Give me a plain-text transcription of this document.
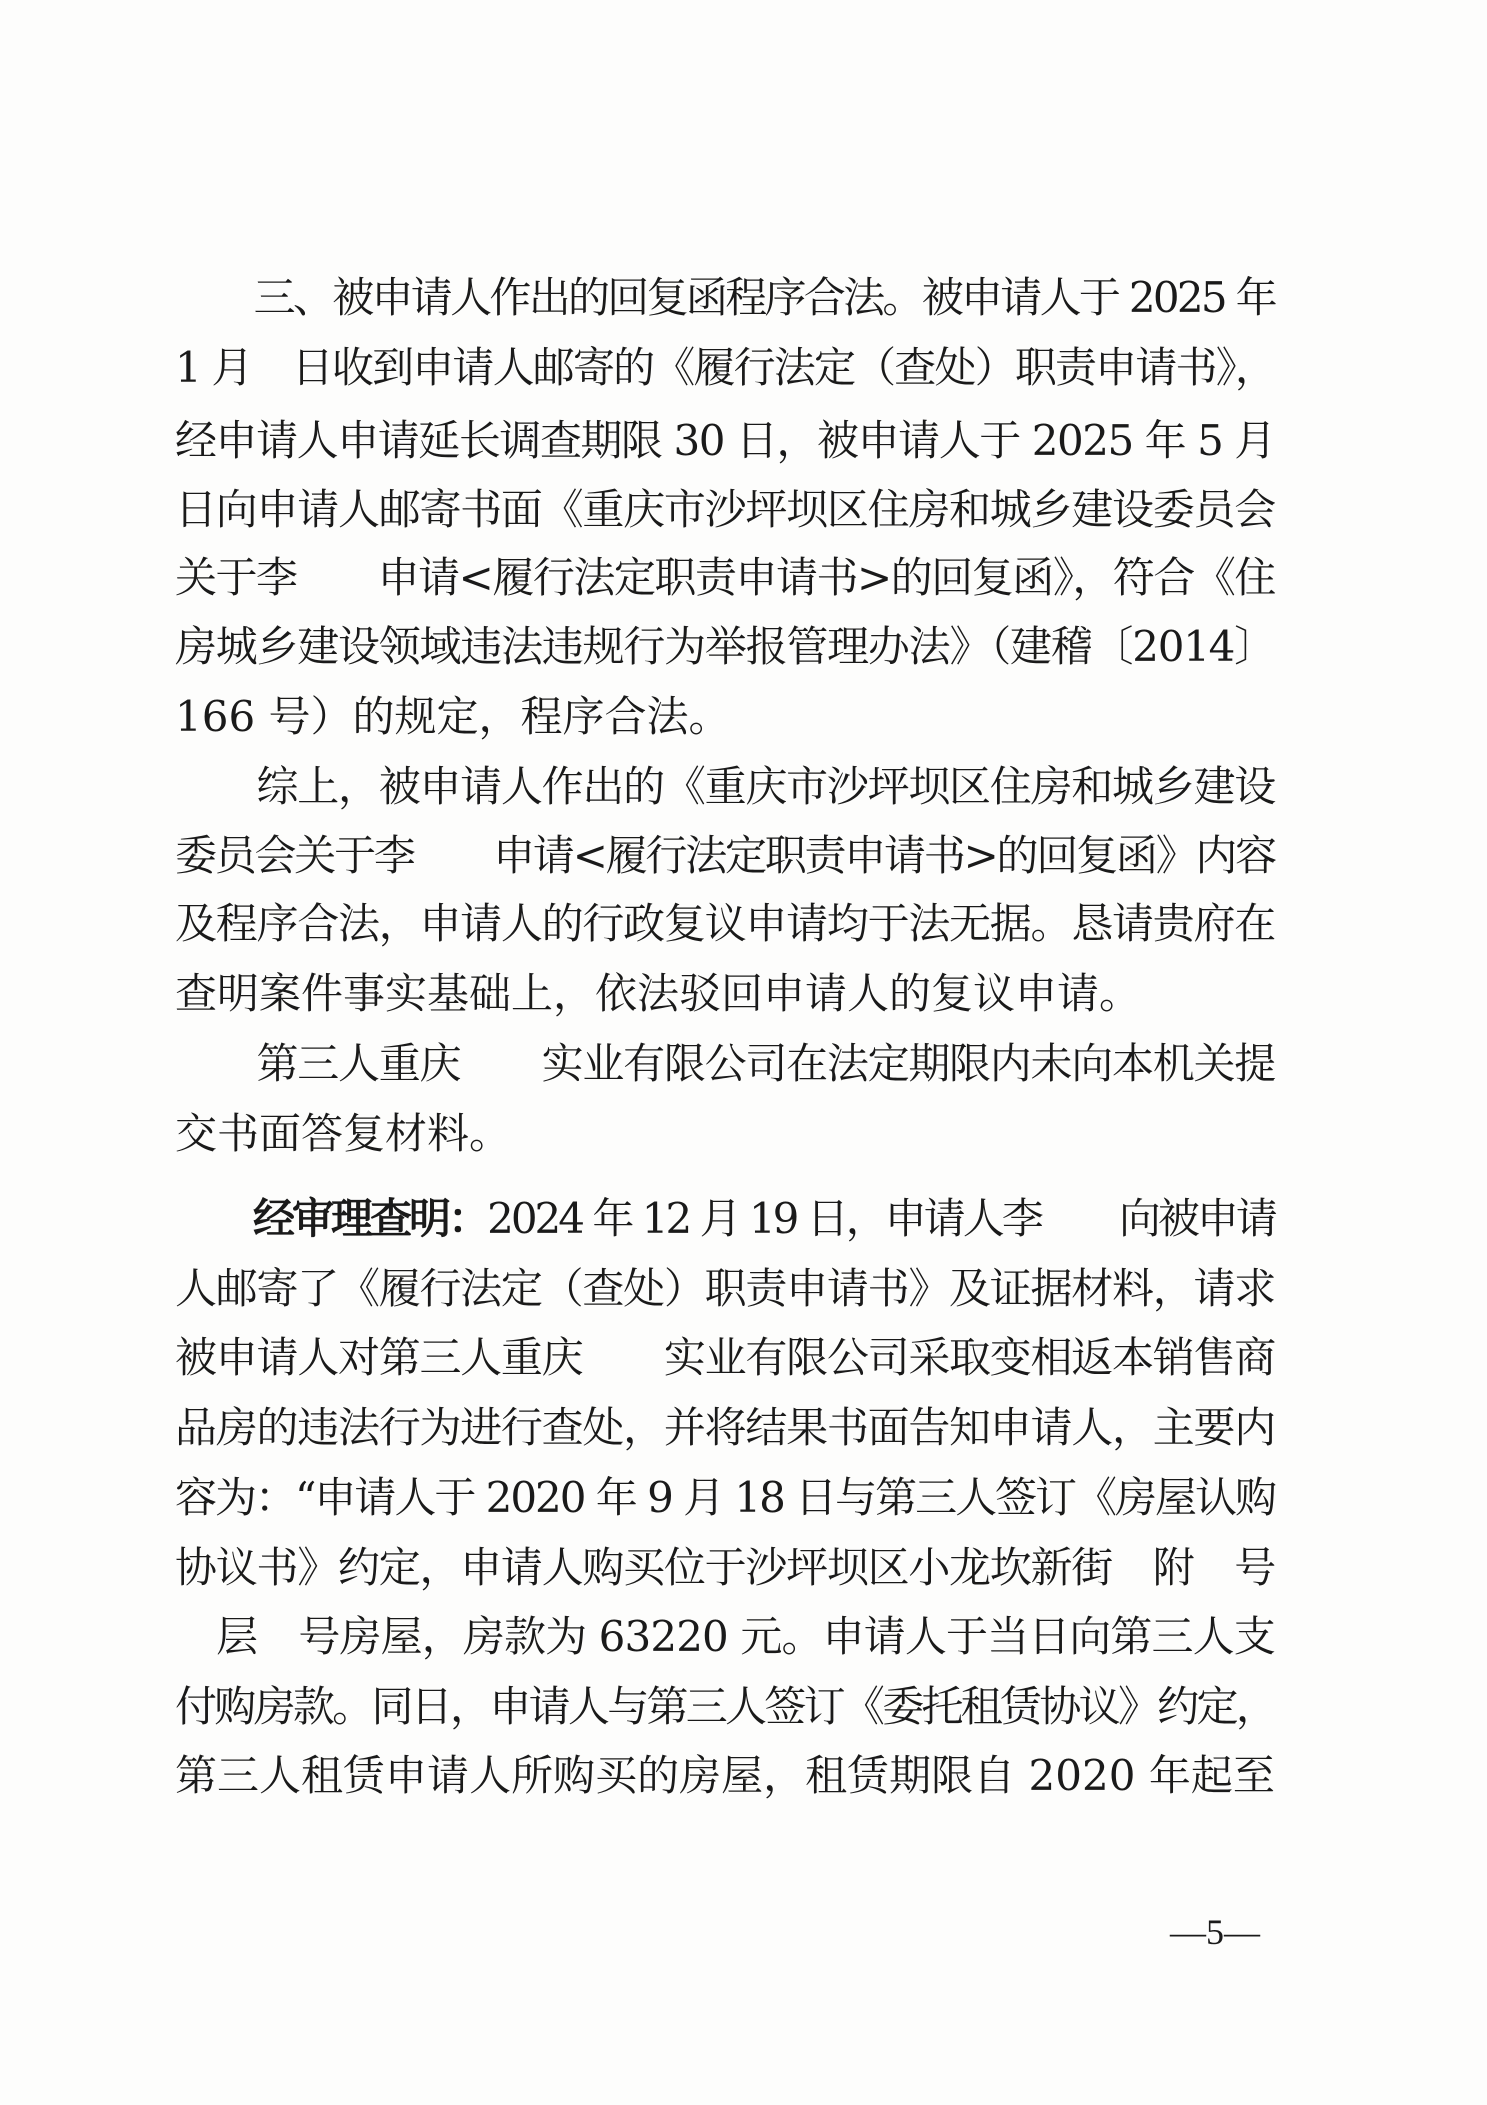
　　三、被申请人作出的回复函程序合法。被申请人于 2025 年

1 月　日收到申请人邮寄的《履行法定（查处）职责申请书》，

经申请人申请延长调查期限 30 日，被申请人于 2025 年 5 月

日向申请人邮寄书面《重庆市沙坪坝区住房和城乡建设委员会

关于李　　申请<履行法定职责申请书>的回复函》，符合《住

房城乡建设领域违法违规行为举报管理办法》（建稽〔2014〕

166 号）的规定，程序合法。

　　综上，被申请人作出的《重庆市沙坪坝区住房和城乡建设

委员会关于李　　申请<履行法定职责申请书>的回复函》内容

及程序合法，申请人的行政复议申请均于法无据。恳请贵府在

查明案件事实基础上，依法驳回申请人的复议申请。

　　第三人重庆　　实业有限公司在法定期限内未向本机关提

交书面答复材料。

　　经审理查明：2024 年 12 月 19 日，申请人李　　向被申请

人邮寄了《履行法定（查处）职责申请书》及证据材料，请求

被申请人对第三人重庆　　实业有限公司采取变相返本销售商

品房的违法行为进行查处，并将结果书面告知申请人，主要内

容为：“申请人于 2020 年 9 月 18 日与第三人签订《房屋认购

协议书》约定，申请人购买位于沙坪坝区小龙坎新街　附　号

　层　号房屋，房款为 63220 元。申请人于当日向第三人支

付购房款。同日，申请人与第三人签订《委托租赁协议》约定，

第三人租赁申请人所购买的房屋，租赁期限自 2020 年起至

—5—
